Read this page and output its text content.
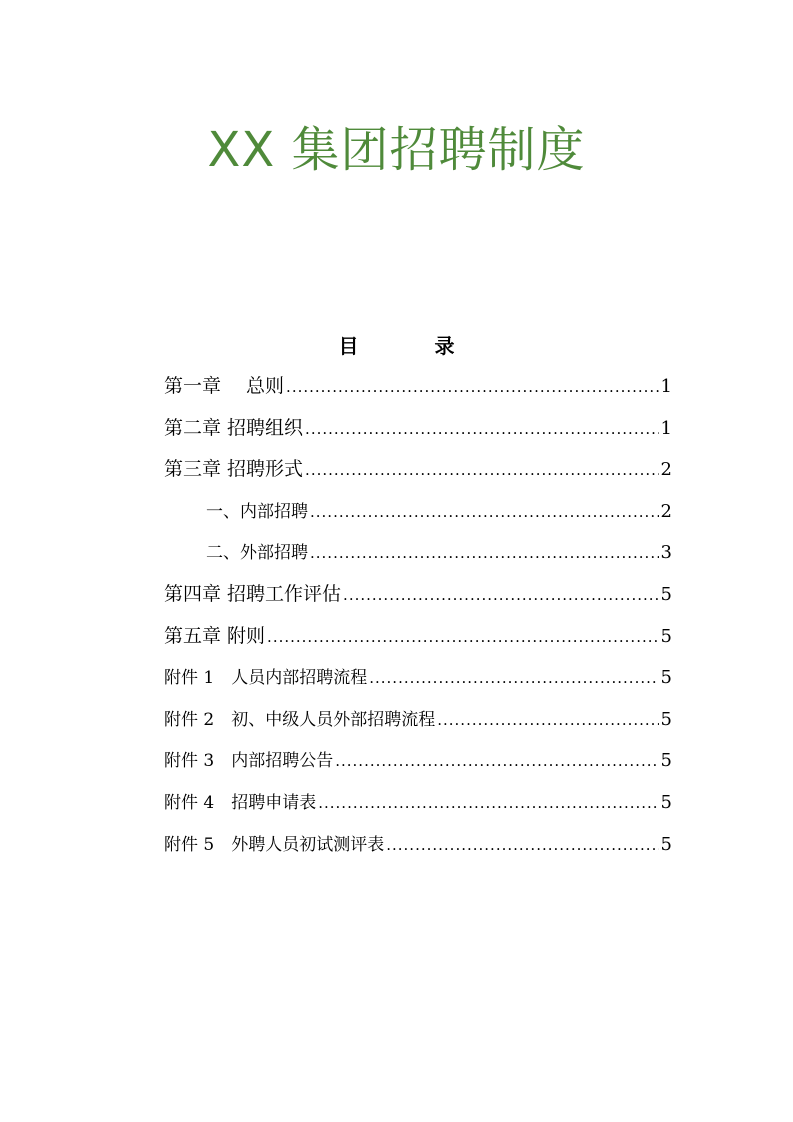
XX 集团招聘制度
目　录
第一章　 总则 .....	1
第二章 招聘组织 .....	1
第三章 招聘形式 .....	2
一、内部招聘 .....	2
二、外部招聘 .....	3
第四章 招聘工作评估 .....	5
第五章 附则 .....	5
附件 1　人员内部招聘流程 .....	5
附件 2　初、中级人员外部招聘流程 .....	5
附件 3　内部招聘公告 .....	5
附件 4　招聘申请表 .....	5
附件 5　外聘人员初试测评表 .....	5
